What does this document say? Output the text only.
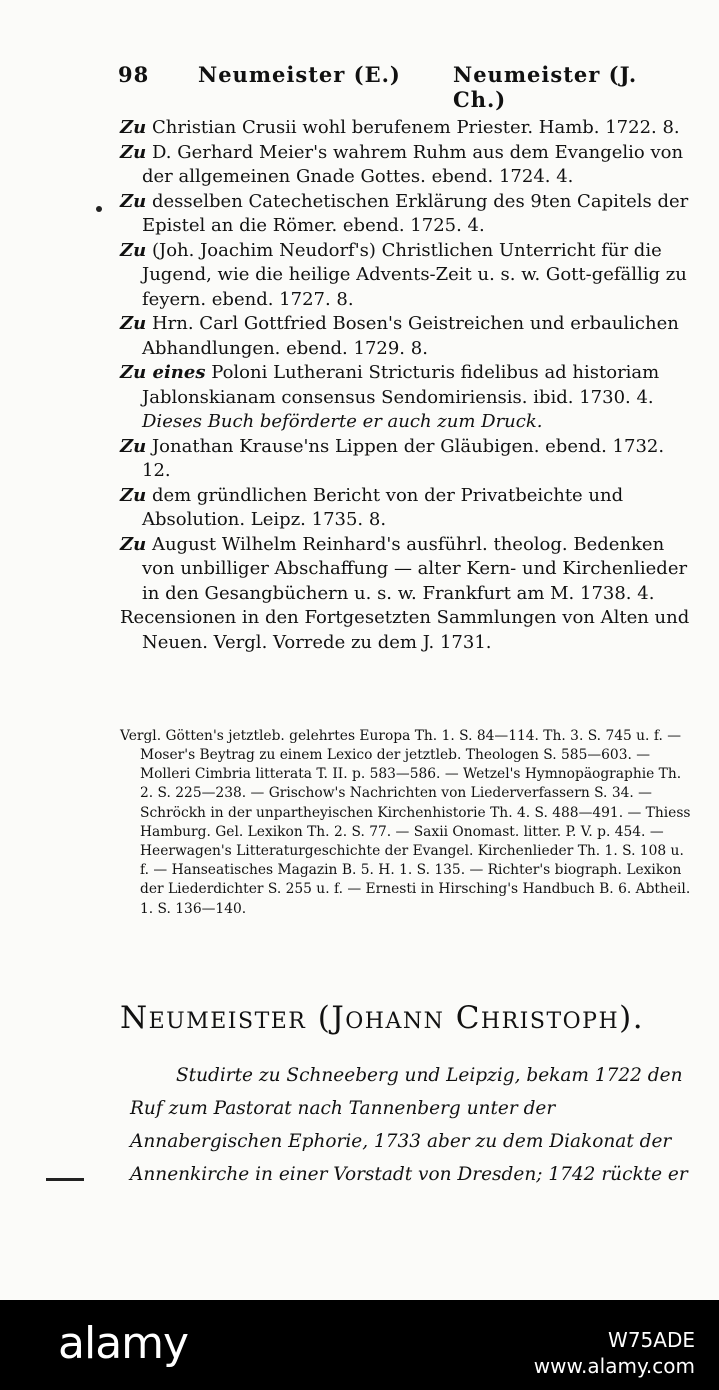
98 Neumeister (E.) Neumeister (J. Ch.)

Zu Christian Crusii wohl berufenem Priester. Hamb. 1722. 8.

Zu D. Gerhard Meier's wahrem Ruhm aus dem Evangelio von der allgemeinen Gnade Gottes. ebend. 1724. 4.

Zu desselben Catechetischen Erklärung des 9ten Capitels der Epistel an die Römer. ebend. 1725. 4.

Zu (Joh. Joachim Neudorf's) Christlichen Unterricht für die Jugend, wie die heilige Advents-Zeit u. s. w. Gott-gefällig zu feyern. ebend. 1727. 8.

Zu Hrn. Carl Gottfried Bosen's Geistreichen und erbaulichen Abhandlungen. ebend. 1729. 8.

Zu eines Poloni Lutherani Stricturis fidelibus ad historiam Jablonskianam consensus Sendomiriensis. ibid. 1730. 4. Dieses Buch beförderte er auch zum Druck.

Zu Jonathan Krause'ns Lippen der Gläubigen. ebend. 1732. 12.

Zu dem gründlichen Bericht von der Privatbeichte und Absolution. Leipz. 1735. 8.

Zu August Wilhelm Reinhard's ausführl. theolog. Bedenken von unbilliger Abschaffung — alter Kern- und Kirchenlieder in den Gesangbüchern u. s. w. Frankfurt am M. 1738. 4.

Recensionen in den Fortgesetzten Sammlungen von Alten und Neuen. Vergl. Vorrede zu dem J. 1731.

Vergl. Götten's jetztleb. gelehrtes Europa Th. 1. S. 84—114. Th. 3. S. 745 u. f. — Moser's Beytrag zu einem Lexico der jetztleb. Theologen S. 585—603. — Molleri Cimbria litterata T. II. p. 583—586. — Wetzel's Hymnopäographie Th. 2. S. 225—238. — Grischow's Nachrichten von Liederverfassern S. 34. — Schröckh in der unpartheyischen Kirchenhistorie Th. 4. S. 488—491. — Thiess Hamburg. Gel. Lexikon Th. 2. S. 77. — Saxii Onomast. litter. P. V. p. 454. — Heerwagen's Litteraturgeschichte der Evangel. Kirchenlieder Th. 1. S. 108 u. f. — Hanseatisches Magazin B. 5. H. 1. S. 135. — Richter's biograph. Lexikon der Liederdichter S. 255 u. f. — Ernesti in Hirsching's Handbuch B. 6. Abtheil. 1. S. 136—140.

Neumeister (Johann Christoph).

Studirte zu Schneeberg und Leipzig, bekam 1722 den Ruf zum Pastorat nach Tannenberg unter der Annabergischen Ephorie, 1733 aber zu dem Diakonat der Annenkirche in einer Vorstadt von Dresden; 1742 rückte er

alamy	W75ADE
www.alamy.com
